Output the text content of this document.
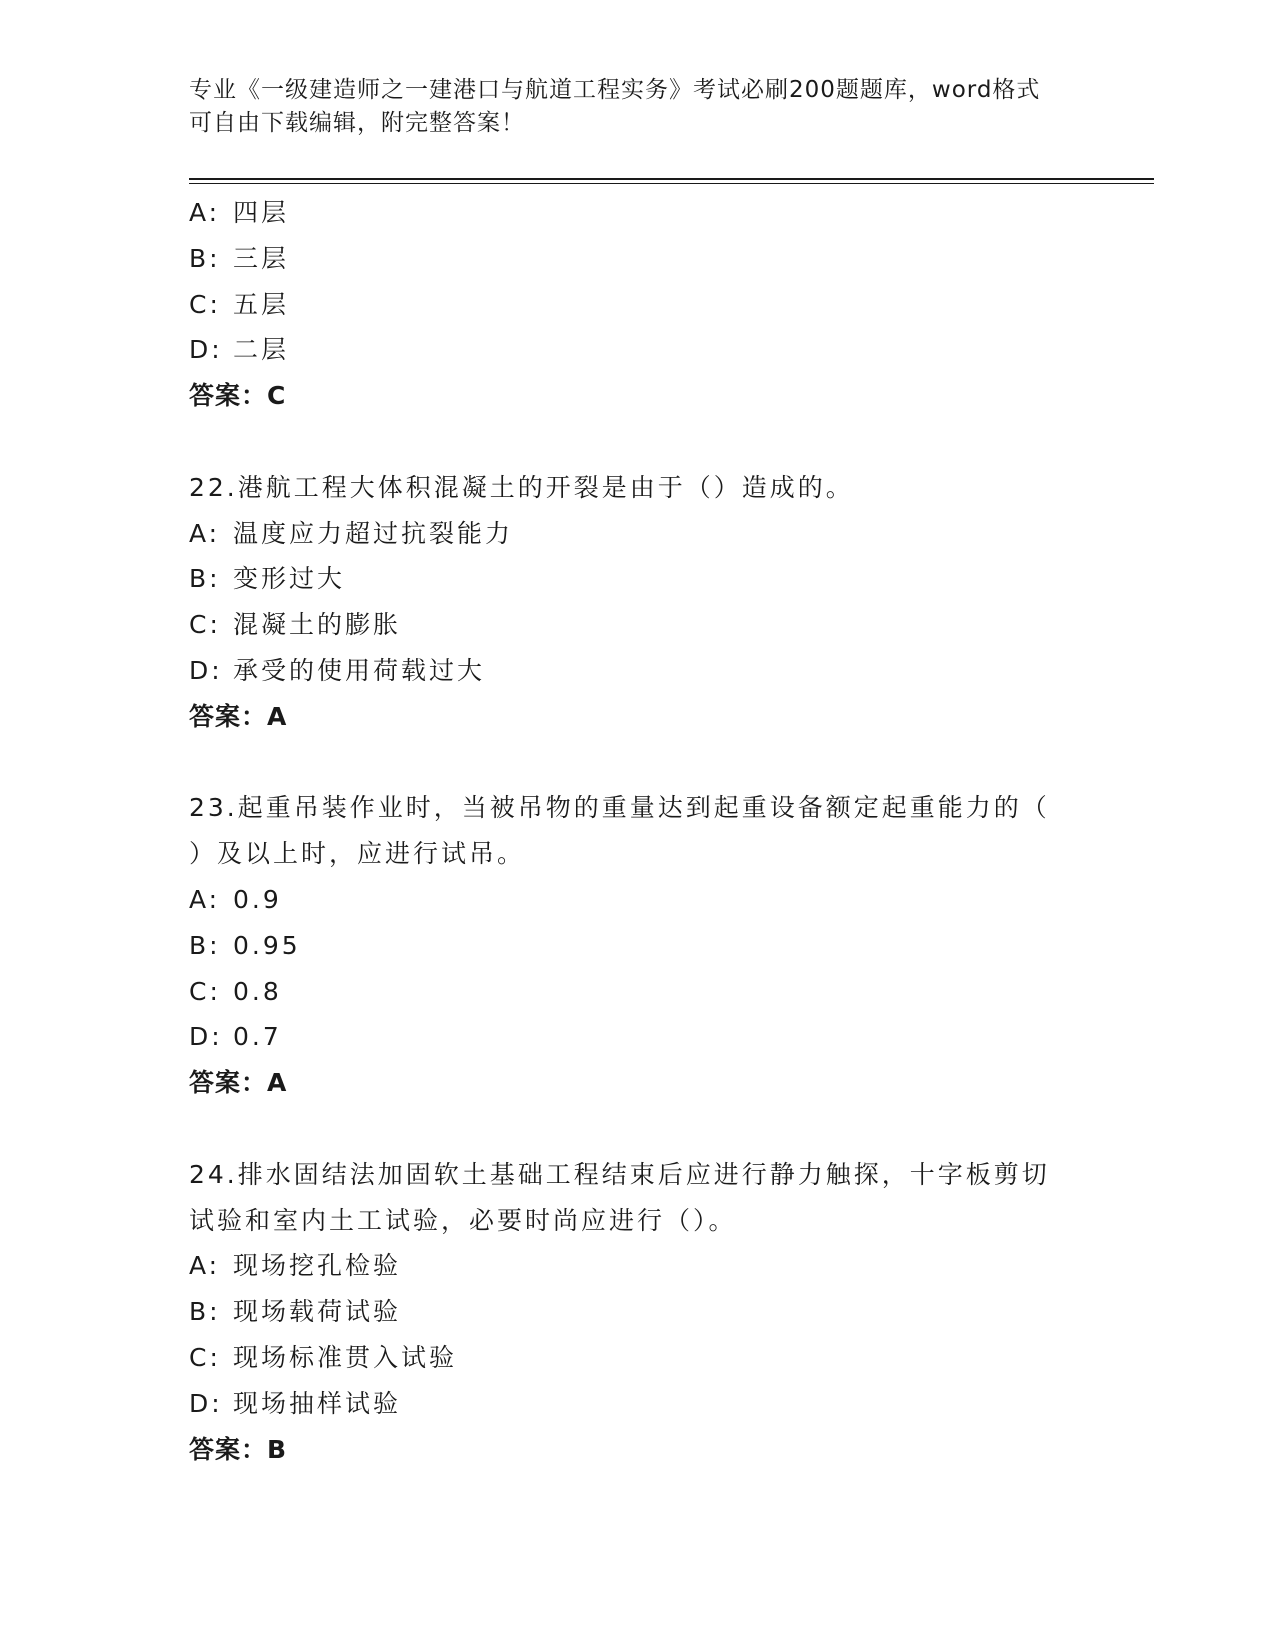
专业《一级建造师之一建港口与航道工程实务》考试必刷200题题库，word格式
可自由下载编辑，附完整答案！
A: 四层
B: 三层
C: 五层
D: 二层
答案：C
22.港航工程大体积混凝土的开裂是由于（）造成的。
A: 温度应力超过抗裂能力
B: 变形过大
C: 混凝土的膨胀
D: 承受的使用荷载过大
答案：A
23.起重吊装作业时，当被吊物的重量达到起重设备额定起重能力的（
）及以上时，应进行试吊。
A: 0.9
B: 0.95
C: 0.8
D: 0.7
答案：A
24.排水固结法加固软土基础工程结束后应进行静力触探，十字板剪切
试验和室内土工试验，必要时尚应进行（）。
A: 现场挖孔检验
B: 现场载荷试验
C: 现场标准贯入试验
D: 现场抽样试验
答案：B
